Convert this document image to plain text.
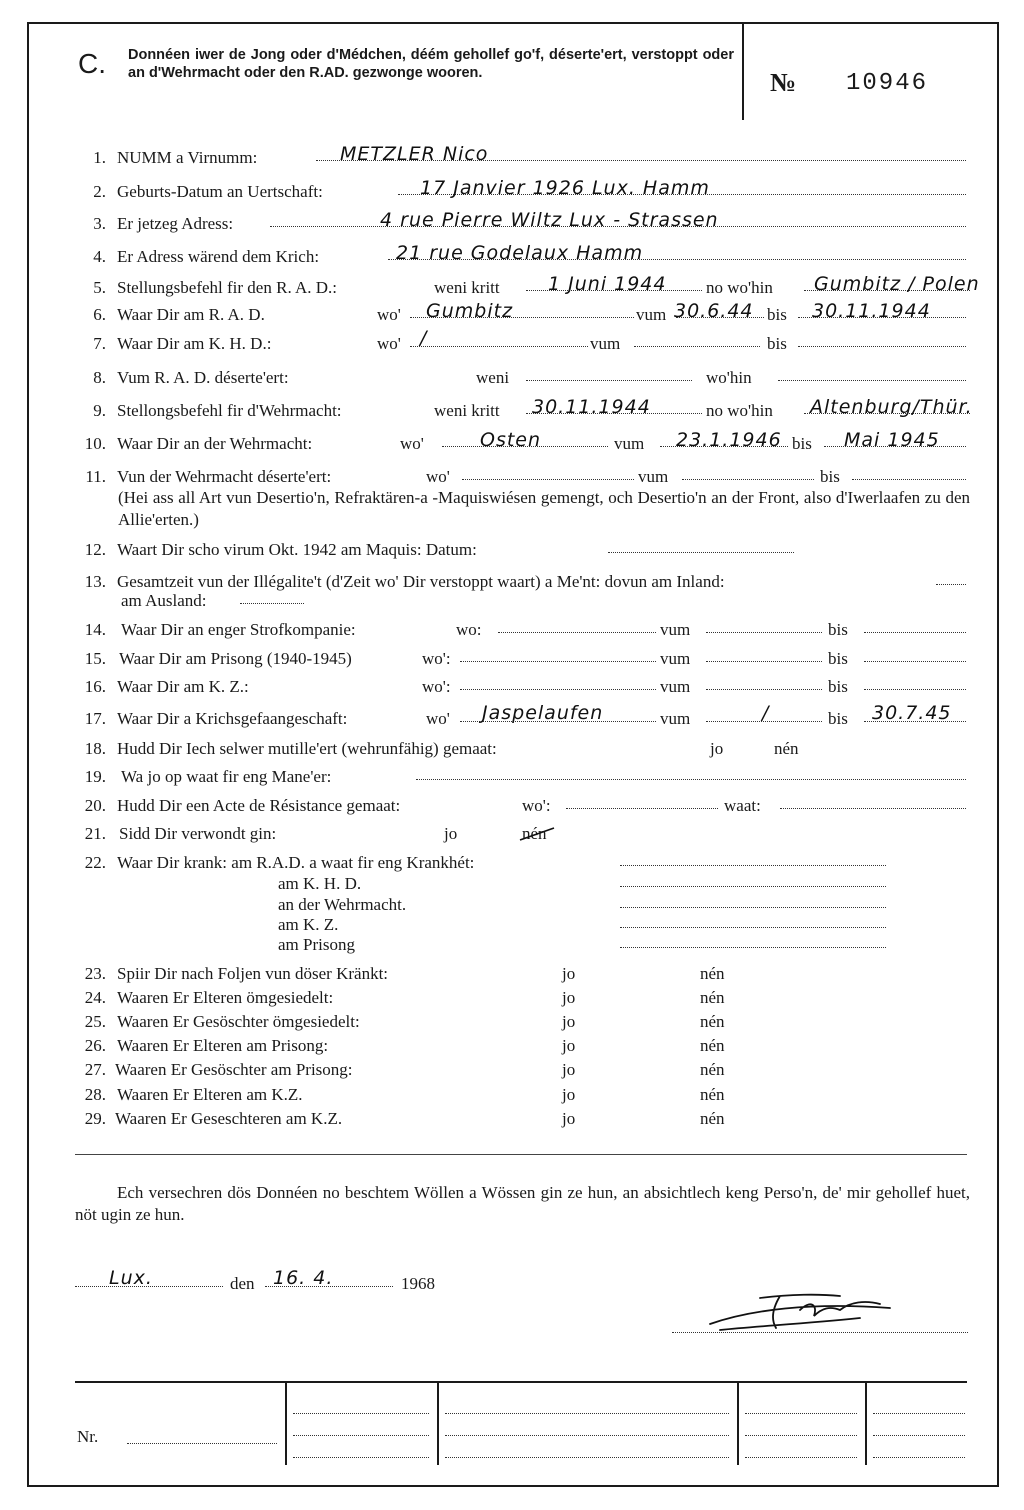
C. Donnéen iwer de Jong oder d'Médchen, déém gehollef go'f, déserte'ert, verstoppt oder an d'Wehrmacht oder den R.AD. gezwonge wooren.	№ 10946
1. NUMM a Virnumm:	METZLER Nico
2. Geburts-Datum an Uertschaft:	17 Janvier 1926 Lux. Hamm
3. Er jetzeg Adress:	4 rue Pierre Wiltz Lux - Strassen
4. Er Adress wärend dem Krich:	21 rue Godelaux Hamm
5. Stellungsbefehl fir den R. A. D.:	weni kritt	1 Juni 1944 no wo'hin Gumbitz / Polen
6. Waar Dir am R. A. D.	wo' Gumbitz	vum 30.6.44 bis 30.11.1944
7. Waar Dir am K. H. D.:	wo' /	vum	bis
8. Vum R. A. D. déserte'ert:	weni	wo'hin
9. Stellongsbefehl fir d'Wehrmacht:	weni kritt 30.11.1944	no wo'hin Altenburg/Thür.
10. Waar Dir an der Wehrmacht:	wo'	Osten	vum 23.1.1946 bis Mai 1945
11. Vun der Wehrmacht déserte'ert:	wo'	vum	bis
(Hei ass all Art vun Desertio'n, Refraktären-a -Maquiswiésen gemengt, och Desertio'n an der Front, also d'Iwerlaafen zu den Allie'erten.)
12. Waart Dir scho virum Okt. 1942 am Maquis: Datum:
13. Gesamtzeit vun der Illégalite't (d'Zeit wo' Dir verstoppt waart) a Me'nt: dovun am Inland:
am Ausland:
14. Waar Dir an enger Strofkompanie:	wo:	vum	bis
15. Waar Dir am Prisong (1940-1945)	wo':	vum	bis
16. Waar Dir am K. Z.:	wo':	vum	bis
17. Waar Dir a Krichsgefaangeschaft:	wo' Jaspelaufen	vum	/	bis 30.7.45
18. Hudd Dir Iech selwer mutille'ert (wehrunfähig) gemaat:	jo	nén
19. Wa jo op waat fir eng Mane'er:
20. Hudd Dir een Acte de Résistance gemaat:	wo':	waat:
21. Sidd Dir verwondt gin:	jo	nén
22. Waar Dir krank: am R.A.D. a waat fir eng Krankhét:
am K. H. D.
an der Wehrmacht.
am K. Z.
am Prisong
23. Spiir Dir nach Foljen vun döser Kränkt:	jo	nén
24. Waaren Er Elteren ömgesiedelt:	jo	nén
25. Waaren Er Gesöschter ömgesiedelt:	jo	nén
26. Waaren Er Elteren am Prisong:	jo	nén
27. Waaren Er Gesöschter am Prisong:	jo	nén
28. Waaren Er Elteren am K.Z.	jo	nén
29. Waaren Er Geseschteren am K.Z.	jo	nén
Ech versechren dös Donnéen no beschtem Wöllen a Wössen gin ze hun, an absichtlech keng Perso'n, de' mir gehollef huet, nöt ugin ze hun.
Lux.	den 16. 4.	1968
Nr.
